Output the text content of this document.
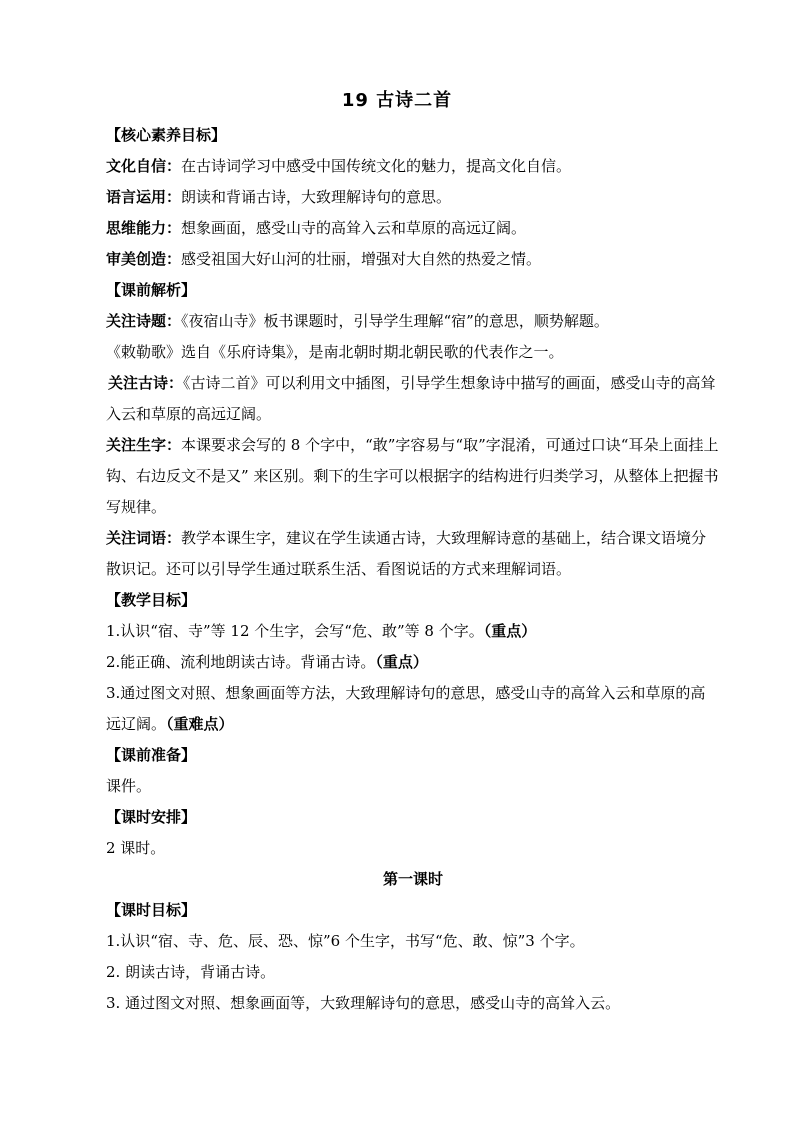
19 古诗二首
【核心素养目标】
文化自信：在古诗词学习中感受中国传统文化的魅力，提高文化自信。
语言运用：朗读和背诵古诗，大致理解诗句的意思。
思维能力：想象画面，感受山寺的高耸入云和草原的高远辽阔。
审美创造：感受祖国大好山河的壮丽，增强对大自然的热爱之情。
【课前解析】
关注诗题：《夜宿山寺》板书课题时，引导学生理解“宿”的意思，顺势解题。
《敕勒歌》选自《乐府诗集》，是南北朝时期北朝民歌的代表作之一。
关注古诗：《古诗二首》可以利用文中插图，引导学生想象诗中描写的画面，感受山寺的高耸入云和草原的高远辽阔。
关注生字：本课要求会写的 8 个字中，“敢”字容易与“取”字混淆，可通过口诀“耳朵上面挂上钩、右边反文不是又” 来区别。剩下的生字可以根据字的结构进行归类学习，从整体上把握书写规律。
关注词语：教学本课生字，建议在学生读通古诗，大致理解诗意的基础上，结合课文语境分散识记。还可以引导学生通过联系生活、看图说话的方式来理解词语。
【教学目标】
1.认识“宿、寺”等 12 个生字，会写“危、敢”等 8 个字。（重点）
2.能正确、流利地朗读古诗。背诵古诗。（重点）
3.通过图文对照、想象画面等方法，大致理解诗句的意思，感受山寺的高耸入云和草原的高远辽阔。（重难点）
【课前准备】
课件。
【课时安排】
2 课时。
第一课时
【课时目标】
1.认识“宿、寺、危、辰、恐、惊”6 个生字，书写“危、敢、惊”3 个字。
2. 朗读古诗，背诵古诗。
3. 通过图文对照、想象画面等，大致理解诗句的意思，感受山寺的高耸入云。
